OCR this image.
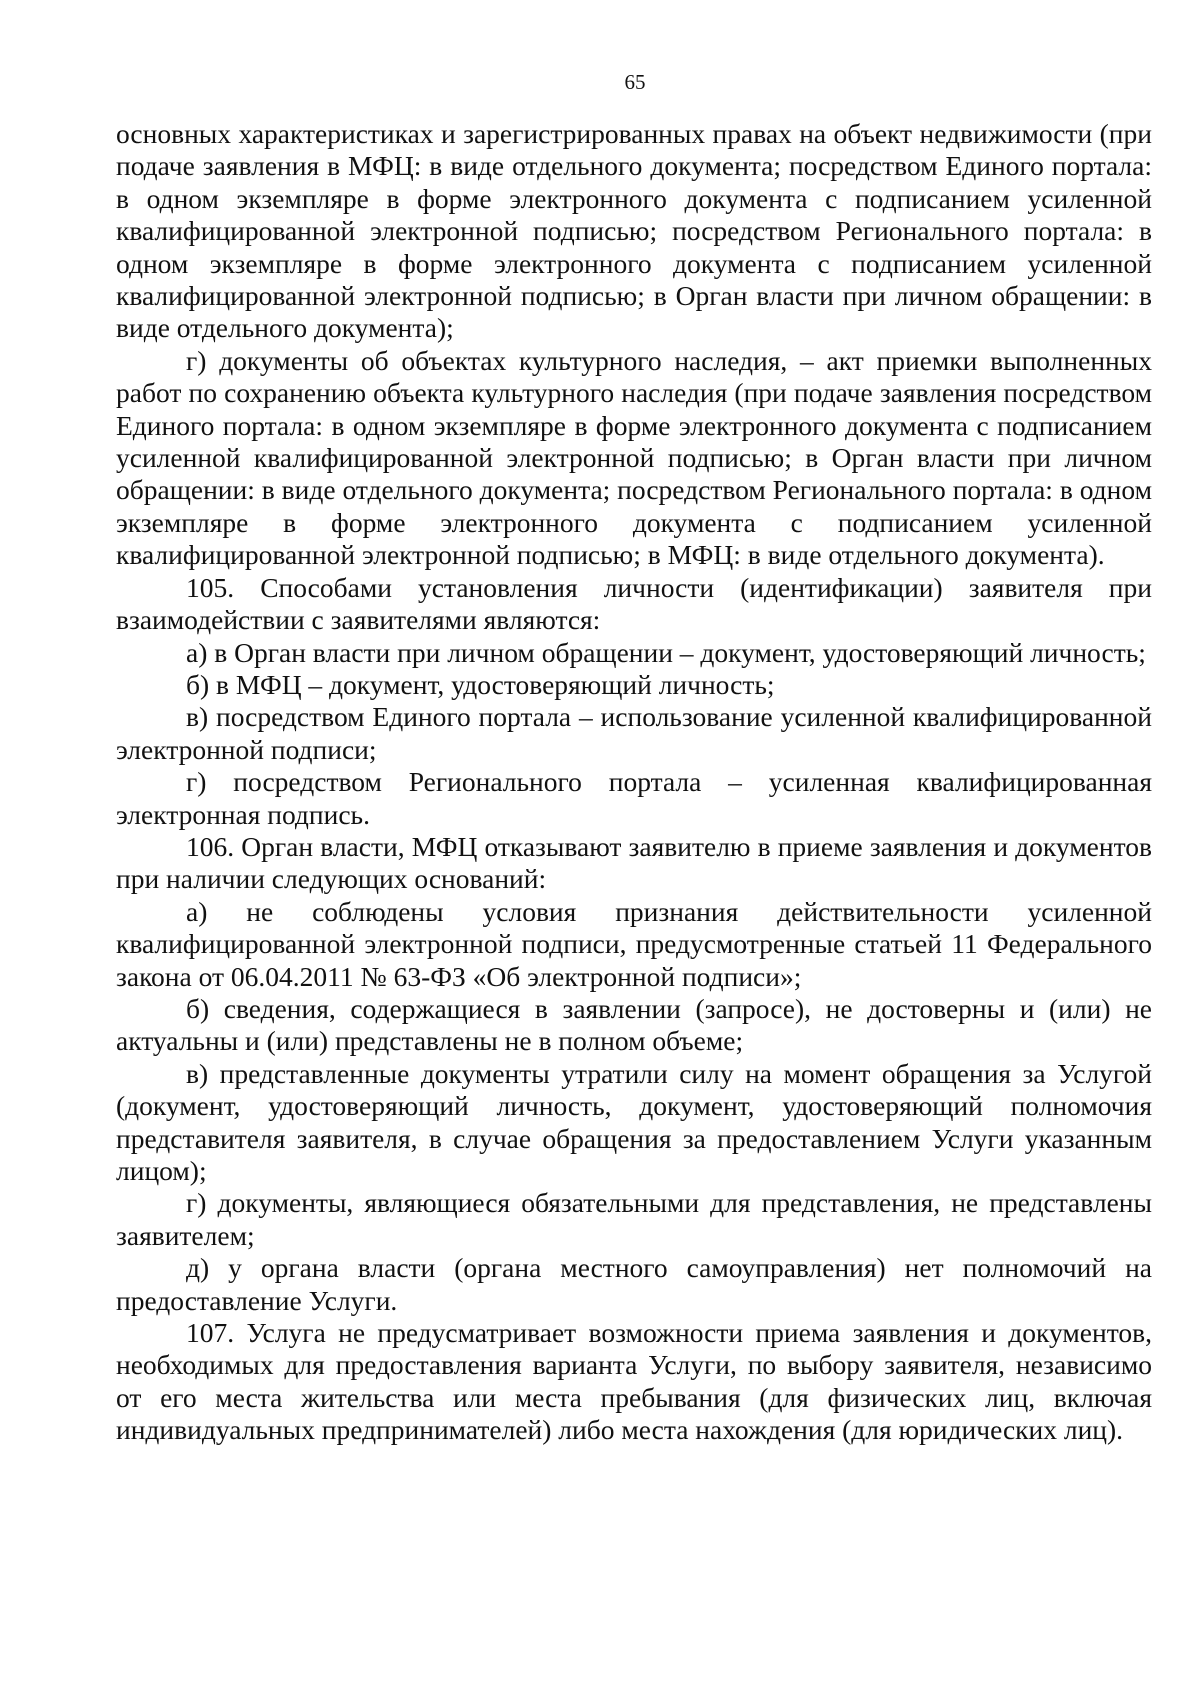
65

основных характеристиках и зарегистрированных правах на объект недвижимости (при подаче заявления в МФЦ: в виде отдельного документа; посредством Единого портала: в одном экземпляре в форме электронного документа с подписанием усиленной квалифицированной электронной подписью; посредством Регионального портала: в одном экземпляре в форме электронного документа с подписанием усиленной квалифицированной электронной подписью; в Орган власти при личном обращении: в виде отдельного документа);

г) документы об объектах культурного наследия, – акт приемки выполненных работ по сохранению объекта культурного наследия (при подаче заявления посредством Единого портала: в одном экземпляре в форме электронного документа с подписанием усиленной квалифицированной электронной подписью; в Орган власти при личном обращении: в виде отдельного документа; посредством Регионального портала: в одном экземпляре в форме электронного документа с подписанием усиленной квалифицированной электронной подписью; в МФЦ: в виде отдельного документа).

105. Способами установления личности (идентификации) заявителя при взаимодействии с заявителями являются:

а) в Орган власти при личном обращении – документ, удостоверяющий личность;

б) в МФЦ – документ, удостоверяющий личность;

в) посредством Единого портала – использование усиленной квалифицированной электронной подписи;

г) посредством Регионального портала – усиленная квалифицированная электронная подпись.

106. Орган власти, МФЦ отказывают заявителю в приеме заявления и документов при наличии следующих оснований:

а) не соблюдены условия признания действительности усиленной квалифицированной электронной подписи, предусмотренные статьей 11 Федерального закона от 06.04.2011 № 63-ФЗ «Об электронной подписи»;

б) сведения, содержащиеся в заявлении (запросе), не достоверны и (или) не актуальны и (или) представлены не в полном объеме;

в) представленные документы утратили силу на момент обращения за Услугой (документ, удостоверяющий личность, документ, удостоверяющий полномочия представителя заявителя, в случае обращения за предоставлением Услуги указанным лицом);

г) документы, являющиеся обязательными для представления, не представлены заявителем;

д) у органа власти (органа местного самоуправления) нет полномочий на предоставление Услуги.

107. Услуга не предусматривает возможности приема заявления и документов, необходимых для предоставления варианта Услуги, по выбору заявителя, независимо от его места жительства или места пребывания (для физических лиц, включая индивидуальных предпринимателей) либо места нахождения (для юридических лиц).
